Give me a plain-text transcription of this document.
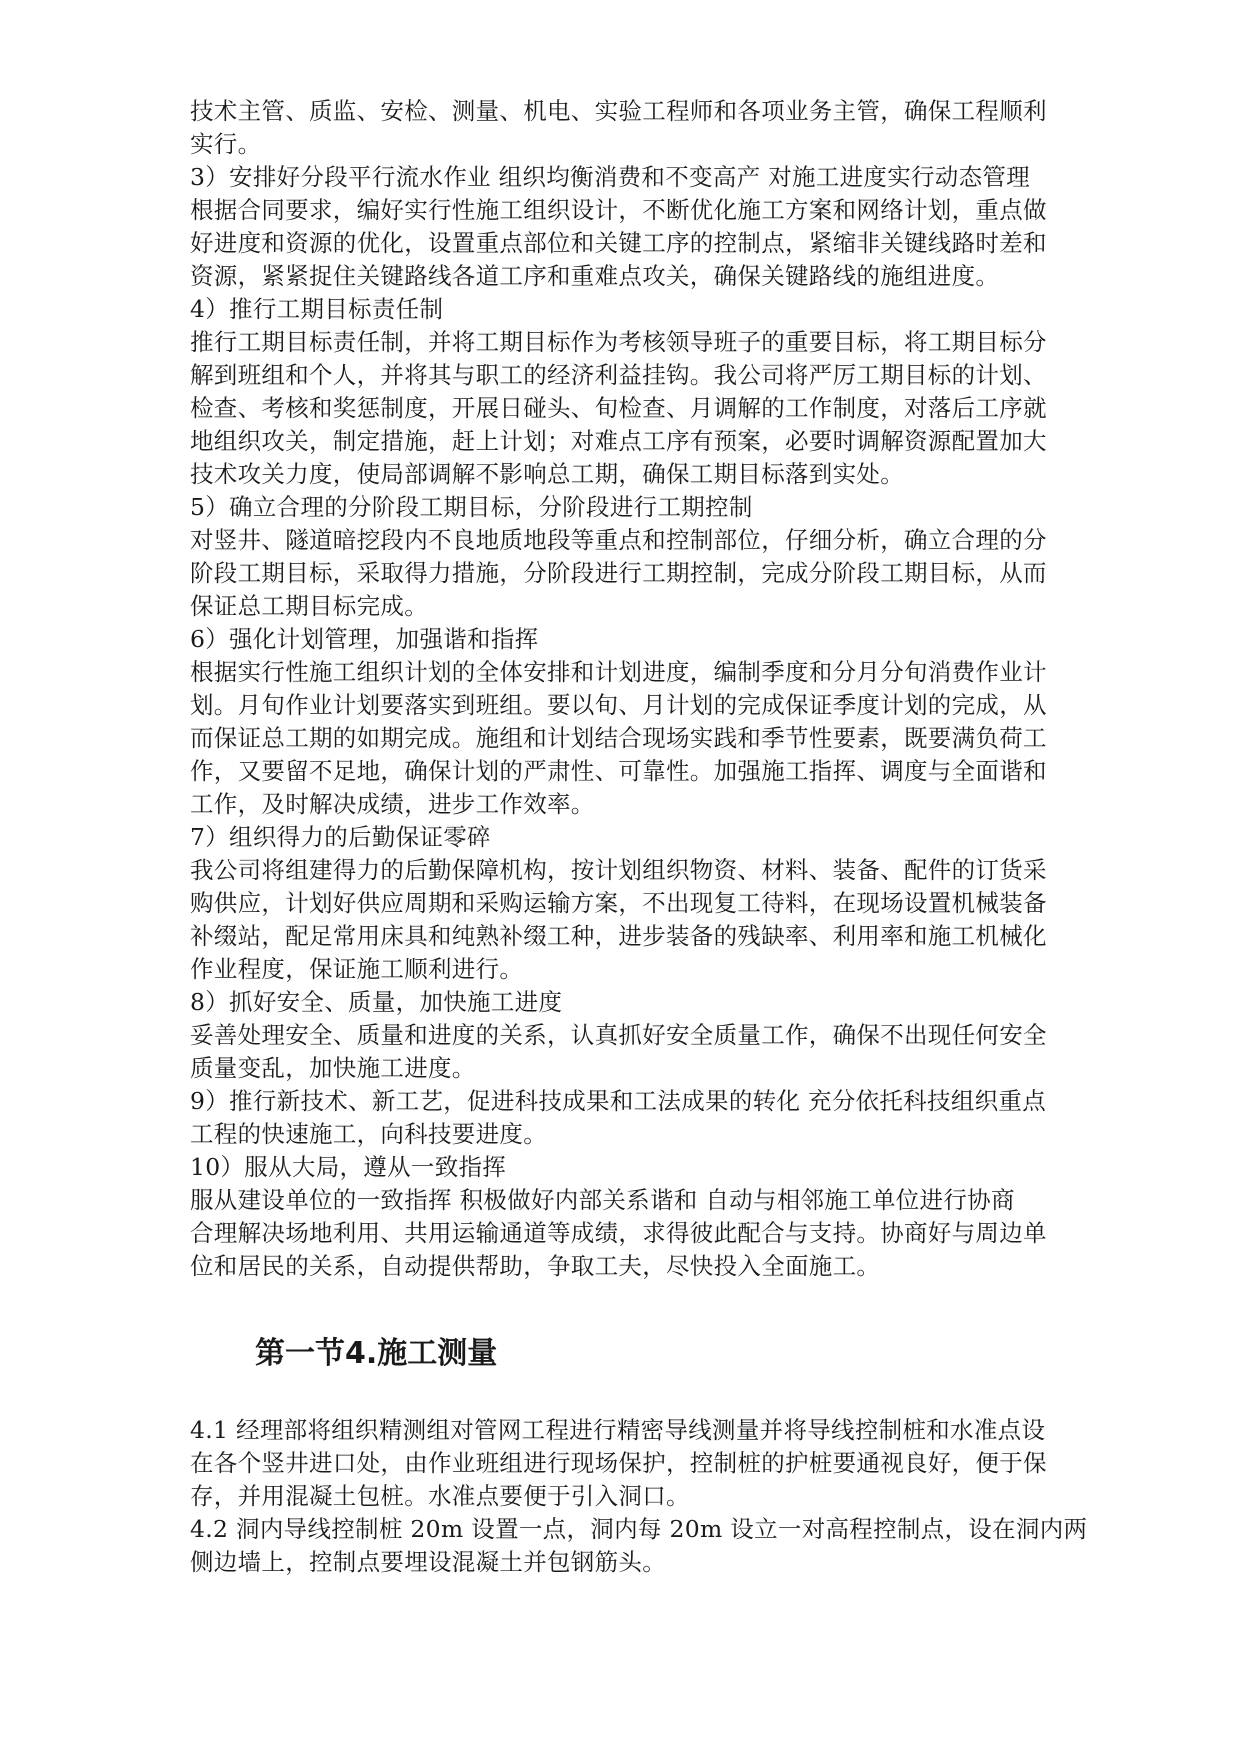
技术主管、质监、安检、测量、机电、实验工程师和各项业务主管，确保工程顺利
实行。
3）安排好分段平行流水作业 组织均衡消费和不变高产 对施工进度实行动态管理
根据合同要求，编好实行性施工组织设计，不断优化施工方案和网络计划，重点做
好进度和资源的优化，设置重点部位和关键工序的控制点，紧缩非关键线路时差和
资源，紧紧捉住关键路线各道工序和重难点攻关，确保关键路线的施组进度。
4）推行工期目标责任制
推行工期目标责任制，并将工期目标作为考核领导班子的重要目标，将工期目标分
解到班组和个人，并将其与职工的经济利益挂钩。我公司将严厉工期目标的计划、
检查、考核和奖惩制度，开展日碰头、旬检查、月调解的工作制度，对落后工序就
地组织攻关，制定措施，赶上计划；对难点工序有预案，必要时调解资源配置加大
技术攻关力度，使局部调解不影响总工期，确保工期目标落到实处。
5）确立合理的分阶段工期目标，分阶段进行工期控制
对竖井、隧道暗挖段内不良地质地段等重点和控制部位，仔细分析，确立合理的分
阶段工期目标，采取得力措施，分阶段进行工期控制，完成分阶段工期目标，从而
保证总工期目标完成。
6）强化计划管理，加强谐和指挥
根据实行性施工组织计划的全体安排和计划进度，编制季度和分月分旬消费作业计
划。月旬作业计划要落实到班组。要以旬、月计划的完成保证季度计划的完成，从
而保证总工期的如期完成。施组和计划结合现场实践和季节性要素，既要满负荷工
作，又要留不足地，确保计划的严肃性、可靠性。加强施工指挥、调度与全面谐和
工作，及时解决成绩，进步工作效率。
7）组织得力的后勤保证零碎
我公司将组建得力的后勤保障机构，按计划组织物资、材料、装备、配件的订货采
购供应，计划好供应周期和采购运输方案，不出现复工待料，在现场设置机械装备
补缀站，配足常用床具和纯熟补缀工种，进步装备的残缺率、利用率和施工机械化
作业程度，保证施工顺利进行。
8）抓好安全、质量，加快施工进度
妥善处理安全、质量和进度的关系，认真抓好安全质量工作，确保不出现任何安全
质量变乱，加快施工进度。
9）推行新技术、新工艺，促进科技成果和工法成果的转化 充分依托科技组织重点
工程的快速施工，向科技要进度。
10）服从大局，遵从一致指挥
服从建设单位的一致指挥 积极做好内部关系谐和 自动与相邻施工单位进行协商
合理解决场地利用、共用运输通道等成绩，求得彼此配合与支持。协商好与周边单
位和居民的关系，自动提供帮助，争取工夫，尽快投入全面施工。
第一节4.施工测量
4.1 经理部将组织精测组对管网工程进行精密导线测量并将导线控制桩和水准点设
在各个竖井进口处，由作业班组进行现场保护，控制桩的护桩要通视良好，便于保
存，并用混凝土包桩。水准点要便于引入洞口。
4.2 洞内导线控制桩 20m 设置一点，洞内每 20m 设立一对高程控制点，设在洞内两
侧边墙上，控制点要埋设混凝土并包钢筋头。
